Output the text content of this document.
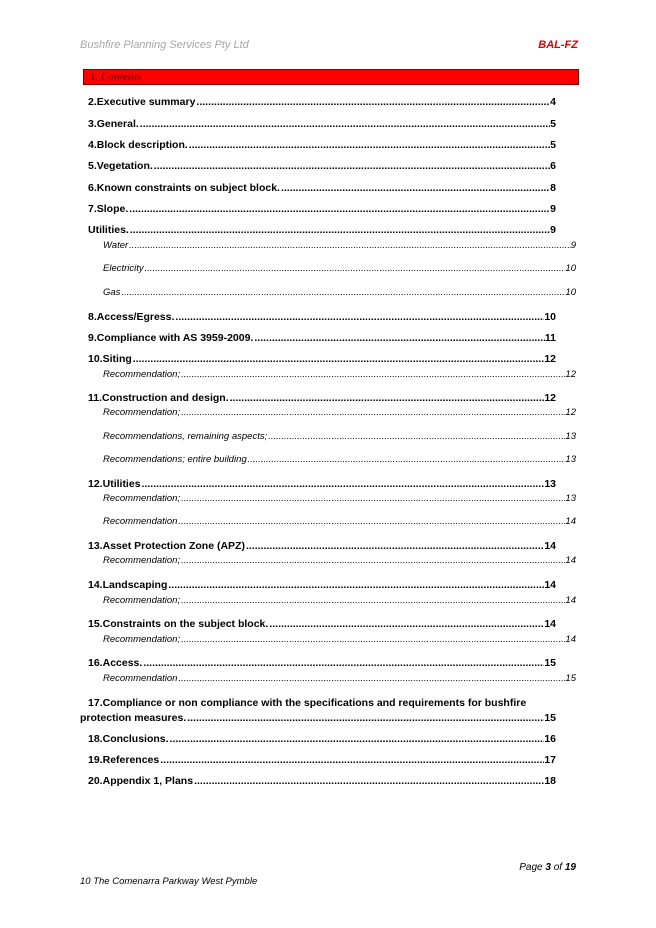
Bushfire Planning Services Pty Ltd	BAL-FZ
1. Contents
2. Executive summary .....	4
3. General. .....	5
4. Block description. .....	5
5. Vegetation. .....	6
6. Known constraints on subject block. .....	8
7. Slope. .....	9
Utilities. .....	9
Water .....	9
Electricity .....	10
Gas .....	10
8. Access/Egress. .....	10
9. Compliance with AS 3959-2009. .....	11
10. Siting .....	12
Recommendation; .....	12
11. Construction and design. .....	12
Recommendation; .....	12
Recommendations, remaining aspects; .....	13
Recommendations; entire building .....	13
12. Utilities .....	13
Recommendation; .....	13
Recommendation .....	14
13. Asset Protection Zone (APZ) .....	14
Recommendation; .....	14
14. Landscaping .....	14
Recommendation; .....	14
15. Constraints on the subject block. .....	14
Recommendation; .....	14
16. Access. .....	15
Recommendation .....	15
17.Compliance or non compliance with the specifications and requirements for bushfire
protection measures. .....	15
18. Conclusions. .....	16
19. References .....	17
20. Appendix 1, Plans .....	18
Page 3 of 19
10 The Comenarra Parkway West Pymble
